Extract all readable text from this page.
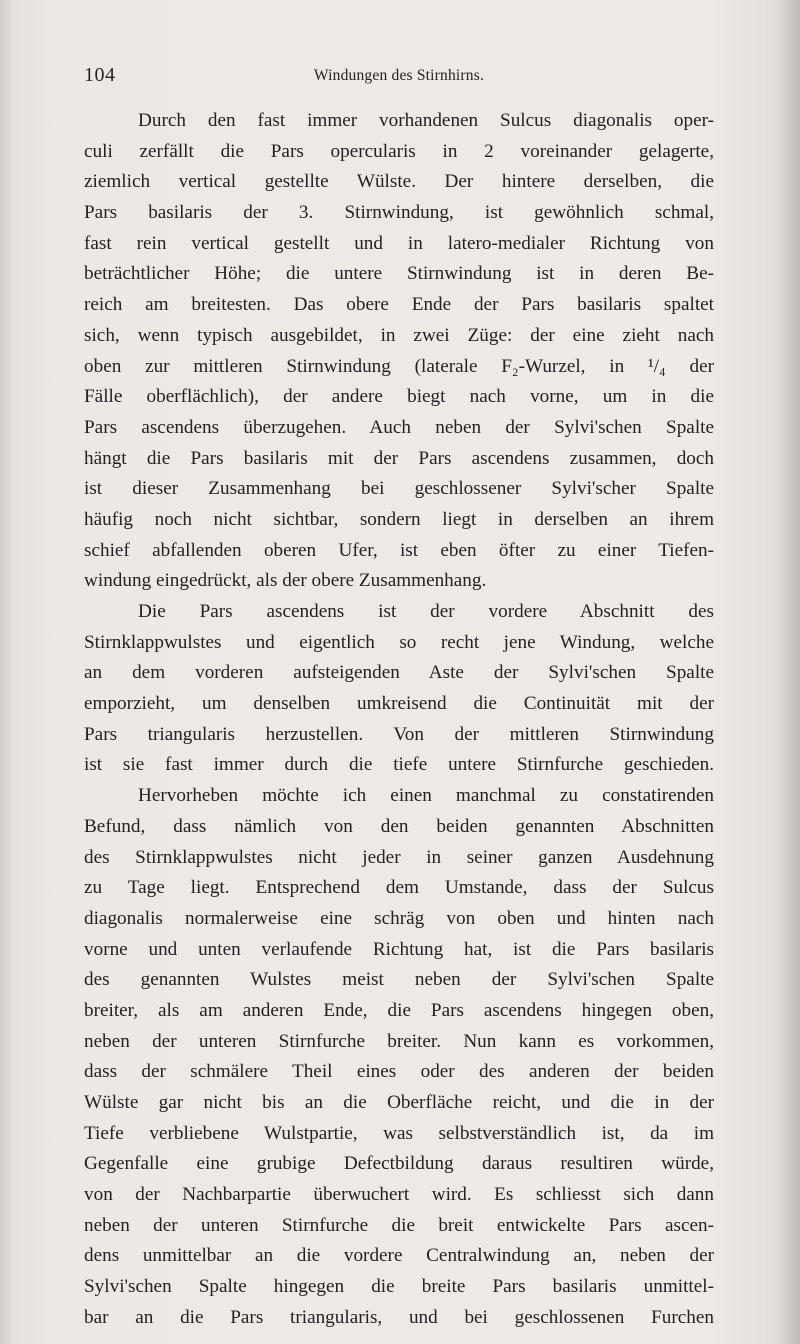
104	Windungen des Stirnhirns.
Durch den fast immer vorhandenen Sulcus diagonalis oper-
culi zerfällt die Pars opercularis in 2 voreinander gelagerte,
ziemlich vertical gestellte Wülste. Der hintere derselben, die
Pars basilaris der 3. Stirnwindung, ist gewöhnlich schmal,
fast rein vertical gestellt und in latero-medialer Richtung von
beträchtlicher Höhe; die untere Stirnwindung ist in deren Be-
reich am breitesten. Das obere Ende der Pars basilaris spaltet
sich, wenn typisch ausgebildet, in zwei Züge: der eine zieht nach
oben zur mittleren Stirnwindung (laterale F₂-Wurzel, in ¹/₄ der
Fälle oberflächlich), der andere biegt nach vorne, um in die
Pars ascendens überzugehen. Auch neben der Sylvi'schen Spalte
hängt die Pars basilaris mit der Pars ascendens zusammen, doch
ist dieser Zusammenhang bei geschlossener Sylvi'scher Spalte
häufig noch nicht sichtbar, sondern liegt in derselben an ihrem
schief abfallenden oberen Ufer, ist eben öfter zu einer Tiefen-
windung eingedrückt, als der obere Zusammenhang.
Die Pars ascendens ist der vordere Abschnitt des
Stirnklappwulstes und eigentlich so recht jene Windung, welche
an dem vorderen aufsteigenden Aste der Sylvi'schen Spalte
emporzieht, um denselben umkreisend die Continuität mit der
Pars triangularis herzustellen. Von der mittleren Stirnwindung
ist sie fast immer durch die tiefe untere Stirnfurche geschieden.
Hervorheben möchte ich einen manchmal zu constatirenden
Befund, dass nämlich von den beiden genannten Abschnitten
des Stirnklappwulstes nicht jeder in seiner ganzen Ausdehnung
zu Tage liegt. Entsprechend dem Umstande, dass der Sulcus
diagonalis normalerweise eine schräg von oben und hinten nach
vorne und unten verlaufende Richtung hat, ist die Pars basilaris
des genannten Wulstes meist neben der Sylvi'schen Spalte
breiter, als am anderen Ende, die Pars ascendens hingegen oben,
neben der unteren Stirnfurche breiter. Nun kann es vorkommen,
dass der schmälere Theil eines oder des anderen der beiden
Wülste gar nicht bis an die Oberfläche reicht, und die in der
Tiefe verbliebene Wulstpartie, was selbstverständlich ist, da im
Gegenfalle eine grubige Defectbildung daraus resultiren würde,
von der Nachbarpartie überwuchert wird. Es schliesst sich dann
neben der unteren Stirnfurche die breit entwickelte Pars ascen-
dens unmittelbar an die vordere Centralwindung an, neben der
Sylvi'schen Spalte hingegen die breite Pars basilaris unmittel-
bar an die Pars triangularis, und bei geschlossenen Furchen
